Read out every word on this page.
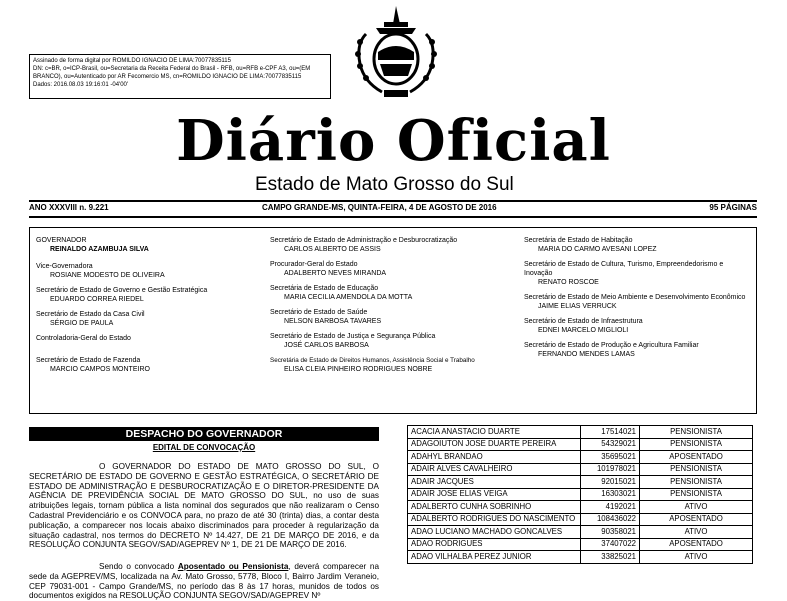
Assinado de forma digital por ROMILDO IGNACIO DE LIMA:70077835115
DN: c=BR, o=ICP-Brasil, ou=Secretaria da Receita Federal do Brasil - RFB, ou=RFB e-CPF A3, ou=(EM
BRANCO), ou=Autenticado por AR Fecomercio MS, cn=ROMILDO IGNACIO DE LIMA:70077835115
Dados: 2016.08.03 19:16:01 -04'00'
Diário Oficial
Estado de Mato Grosso do Sul
ANO XXXVIII n. 9.221	CAMPO GRANDE-MS, QUINTA-FEIRA, 4 DE AGOSTO DE 2016	95 PÁGINAS
GOVERNADOR
REINALDO AZAMBUJA SILVA
Vice-Governadora
ROSIANE MODESTO DE OLIVEIRA
Secretário de Estado de Governo e Gestão Estratégica
EDUARDO CORREA RIEDEL
Secretário de Estado da Casa Civil
SÉRGIO DE PAULA
Controladoria-Geral do Estado
Secretário de Estado de Fazenda
MARCIO CAMPOS MONTEIRO
Secretário de Estado de Administração e Desburocratização
CARLOS ALBERTO DE ASSIS
Procurador-Geral do Estado
ADALBERTO NEVES MIRANDA
Secretária de Estado de Educação
MARIA CECILIA AMENDOLA DA MOTTA
Secretário de Estado de Saúde
NELSON BARBOSA TAVARES
Secretário de Estado de Justiça e Segurança Pública
JOSÉ CARLOS BARBOSA
Secretária de Estado de Direitos Humanos, Assistência Social e Trabalho
ELISA CLEIA PINHEIRO RODRIGUES NOBRE
Secretária de Estado de Habitação
MARIA DO CARMO AVESANI LOPEZ
Secretário de Estado de Cultura, Turismo, Empreendedorismo e Inovação
RENATO ROSCOE
Secretário de Estado de Meio Ambiente e Desenvolvimento Econômico
JAIME ELIAS VERRUCK
Secretário de Estado de Infraestrutura
EDNEI MARCELO MIGLIOLI
Secretário de Estado de Produção e Agricultura Familiar
FERNANDO MENDES LAMAS
DESPACHO DO GOVERNADOR
EDITAL DE CONVOCAÇÃO
O GOVERNADOR DO ESTADO DE MATO GROSSO DO SUL, O SECRETÁRIO DE ESTADO DE GOVERNO E GESTÃO ESTRATÉGICA, O SECRETÁRIO DE ESTADO DE ADMINISTRAÇÃO E DESBUROCRATIZAÇÃO E O DIRETOR-PRESIDENTE DA AGÊNCIA DE PREVIDÊNCIA SOCIAL DE MATO GROSSO DO SUL, no uso de suas atribuições legais, tornam pública a lista nominal dos segurados que não realizaram o Censo Cadastral Previdenciário e os CONVOCA para, no prazo de até 30 (trinta) dias, a contar desta publicação, a comparecer nos locais abaixo discriminados para proceder à regularização da situação cadastral, nos termos do DECRETO Nº 14.427, DE 21 DE MARÇO DE 2016, e da RESOLUÇÃO CONJUNTA SEGOV/SAD/AGEPREV Nº 1, DE 21 DE MARÇO DE 2016.
Sendo o convocado Aposentado ou Pensionista, deverá comparecer na sede da AGEPREV/MS, localizada na Av. Mato Grosso, 5778, Bloco I, Bairro Jardim Veraneio, CEP 79031-001 - Campo Grande/MS, no período das 8 às 17 horas, munidos de todos os documentos exigidos na RESOLUÇÃO CONJUNTA SEGOV/SAD/AGEPREV Nº
ACACIA ANASTACIO DUARTE	17514021	PENSIONISTA
ADAGOIUTON JOSE DUARTE PEREIRA	54329021	PENSIONISTA
ADAHYL BRANDAO	35695021	APOSENTADO
ADAIR ALVES CAVALHEIRO	101978021	PENSIONISTA
ADAIR JACQUES	92015021	PENSIONISTA
ADAIR JOSE ELIAS VEIGA	16303021	PENSIONISTA
ADALBERTO CUNHA SOBRINHO	4192021	ATIVO
ADALBERTO RODRIGUES DO NASCIMENTO	108436022	APOSENTADO
ADAO LUCIANO MACHADO GONCALVES	90358021	ATIVO
ADAO RODRIGUES	37407022	APOSENTADO
ADAO VILHALBA PEREZ JUNIOR	33825021	ATIVO
